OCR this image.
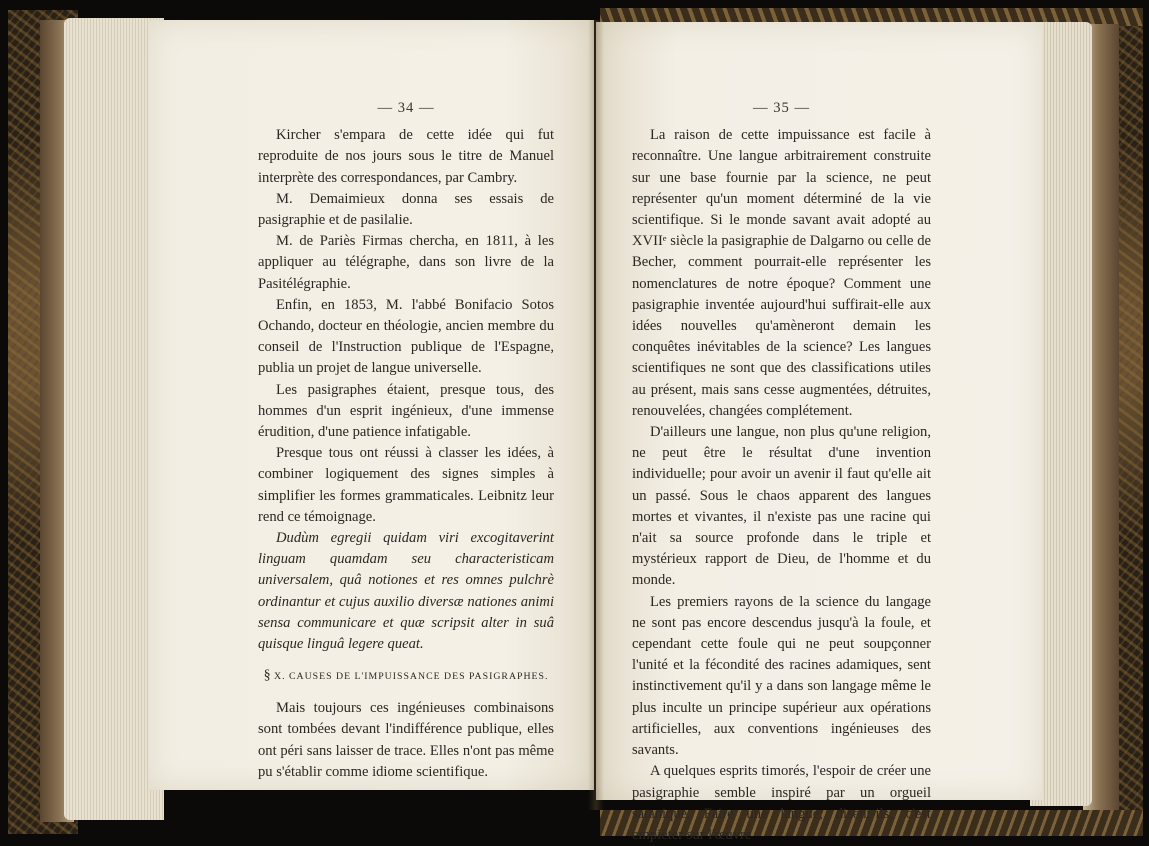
— 34 —

Kircher s'empara de cette idée qui fut reproduite de nos jours sous le titre de Manuel interprète des correspondances, par Cambry.

M. Demaimieux donna ses essais de pasigraphie et de pasilalie.

M. de Pariès Firmas chercha, en 1811, à les appliquer au télégraphe, dans son livre de la Pasitélégraphie.

Enfin, en 1853, M. l'abbé Bonifacio Sotos Ochando, docteur en théologie, ancien membre du conseil de l'Instruction publique de l'Espagne, publia un projet de langue universelle.

Les pasigraphes étaient, presque tous, des hommes d'un esprit ingénieux, d'une immense érudition, d'une patience infatigable.

Presque tous ont réussi à classer les idées, à combiner logiquement des signes simples à simplifier les formes grammaticales. Leibnitz leur rend ce témoignage.

Dudùm egregii quidam viri excogitaverint linguam quamdam seu characteristicam universalem, quâ notiones et res omnes pulchrè ordinantur et cujus auxilio diversæ nationes animi sensa communicare et quæ scripsit alter in suâ quisque linguâ legere queat.

§ X. CAUSES DE L'IMPUISSANCE DES PASIGRAPHES.

Mais toujours ces ingénieuses combinaisons sont tombées devant l'indifférence publique, elles ont péri sans laisser de trace. Elles n'ont pas même pu s'établir comme idiome scientifique.

— 35 —

La raison de cette impuissance est facile à reconnaître. Une langue arbitrairement construite sur une base fournie par la science, ne peut représenter qu'un moment déterminé de la vie scientifique. Si le monde savant avait adopté au XVIIᵉ siècle la pasigraphie de Dalgarno ou celle de Becher, comment pourrait-elle représenter les nomenclatures de notre époque? Comment une pasigraphie inventée aujourd'hui suffirait-elle aux idées nouvelles qu'amèneront demain les conquêtes inévitables de la science? Les langues scientifiques ne sont que des classifications utiles au présent, mais sans cesse augmentées, détruites, renouvelées, changées complétement.

D'ailleurs une langue, non plus qu'une religion, ne peut être le résultat d'une invention individuelle; pour avoir un avenir il faut qu'elle ait un passé. Sous le chaos apparent des langues mortes et vivantes, il n'existe pas une racine qui n'ait sa source profonde dans le triple et mystérieux rapport de Dieu, de l'homme et du monde.

Les premiers rayons de la science du langage ne sont pas encore descendus jusqu'à la foule, et cependant cette foule qui ne peut soupçonner l'unité et la fécondité des racines adamiques, sent instinctivement qu'il y a dans son langage même le plus inculte un principe supérieur aux opérations artificielles, aux conventions ingénieuses des savants.

A quelques esprits timorés, l'espoir de créer une pasigraphie semble inspiré par un orgueil satanique. Faire une langue, disent-ils, c'est empiéter sur l'œuvre
